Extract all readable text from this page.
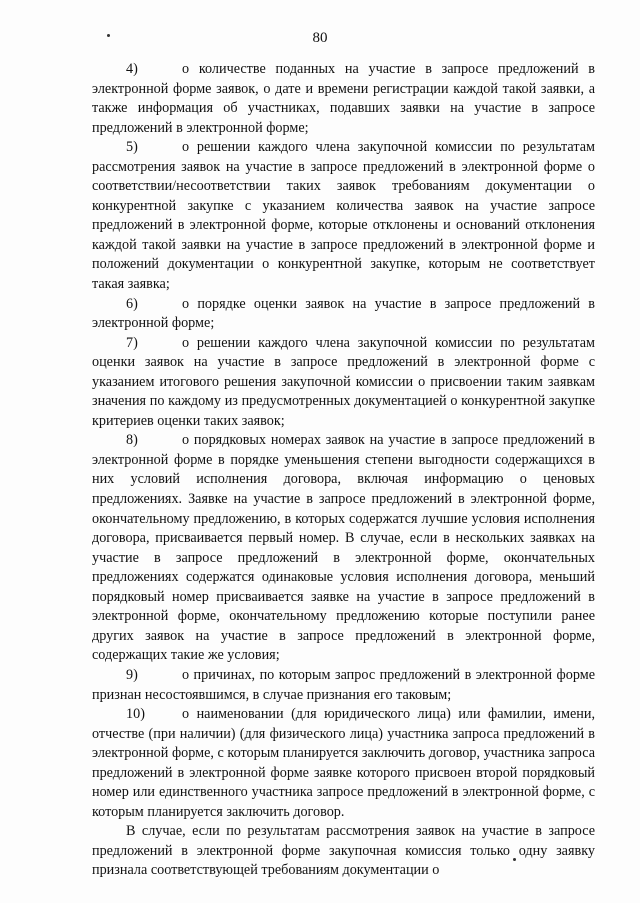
80

4)	о количестве поданных на участие в запросе предложений в электронной форме заявок, о дате и времени регистрации каждой такой заявки, а также информация об участниках, подавших заявки на участие в запросе предложений в электронной форме;

5)	о решении каждого члена закупочной комиссии по результатам рассмотрения заявок на участие в запросе предложений в электронной форме о соответствии/несоответствии таких заявок требованиям документации о конкурентной закупке с указанием количества заявок на участие запросе предложений в электронной форме, которые отклонены и оснований отклонения каждой такой заявки на участие в запросе предложений в электронной форме и положений документации о конкурентной закупке, которым не соответствует такая заявка;

6)	о порядке оценки заявок на участие в запросе предложений в электронной форме;

7)	о решении каждого члена закупочной комиссии по результатам оценки заявок на участие в запросе предложений в электронной форме с указанием итогового решения закупочной комиссии о присвоении таким заявкам значения по каждому из предусмотренных документацией о конкурентной закупке критериев оценки таких заявок;

8)	о порядковых номерах заявок на участие в запросе предложений в электронной форме в порядке уменьшения степени выгодности содержащихся в них условий исполнения договора, включая информацию о ценовых предложениях. Заявке на участие в запросе предложений в электронной форме, окончательному предложению, в которых содержатся лучшие условия исполнения договора, присваивается первый номер. В случае, если в нескольких заявках на участие в запросе предложений в электронной форме, окончательных предложениях содержатся одинаковые условия исполнения договора, меньший порядковый номер присваивается заявке на участие в запросе предложений в электронной форме, окончательному предложению которые поступили ранее других заявок на участие в запросе предложений в электронной форме, содержащих такие же условия;

9)	о причинах, по которым запрос предложений в электронной форме признан несостоявшимся, в случае признания его таковым;

10)	о наименовании (для юридического лица) или фамилии, имени, отчестве (при наличии) (для физического лица) участника запроса предложений в электронной форме, с которым планируется заключить договор, участника запроса предложений в электронной форме заявке которого присвоен второй порядковый номер или единственного участника запросе предложений в электронной форме, с которым планируется заключить договор.

В случае, если по результатам рассмотрения заявок на участие в запросе предложений в электронной форме закупочная комиссия только одну заявку признала соответствующей требованиям документации о
